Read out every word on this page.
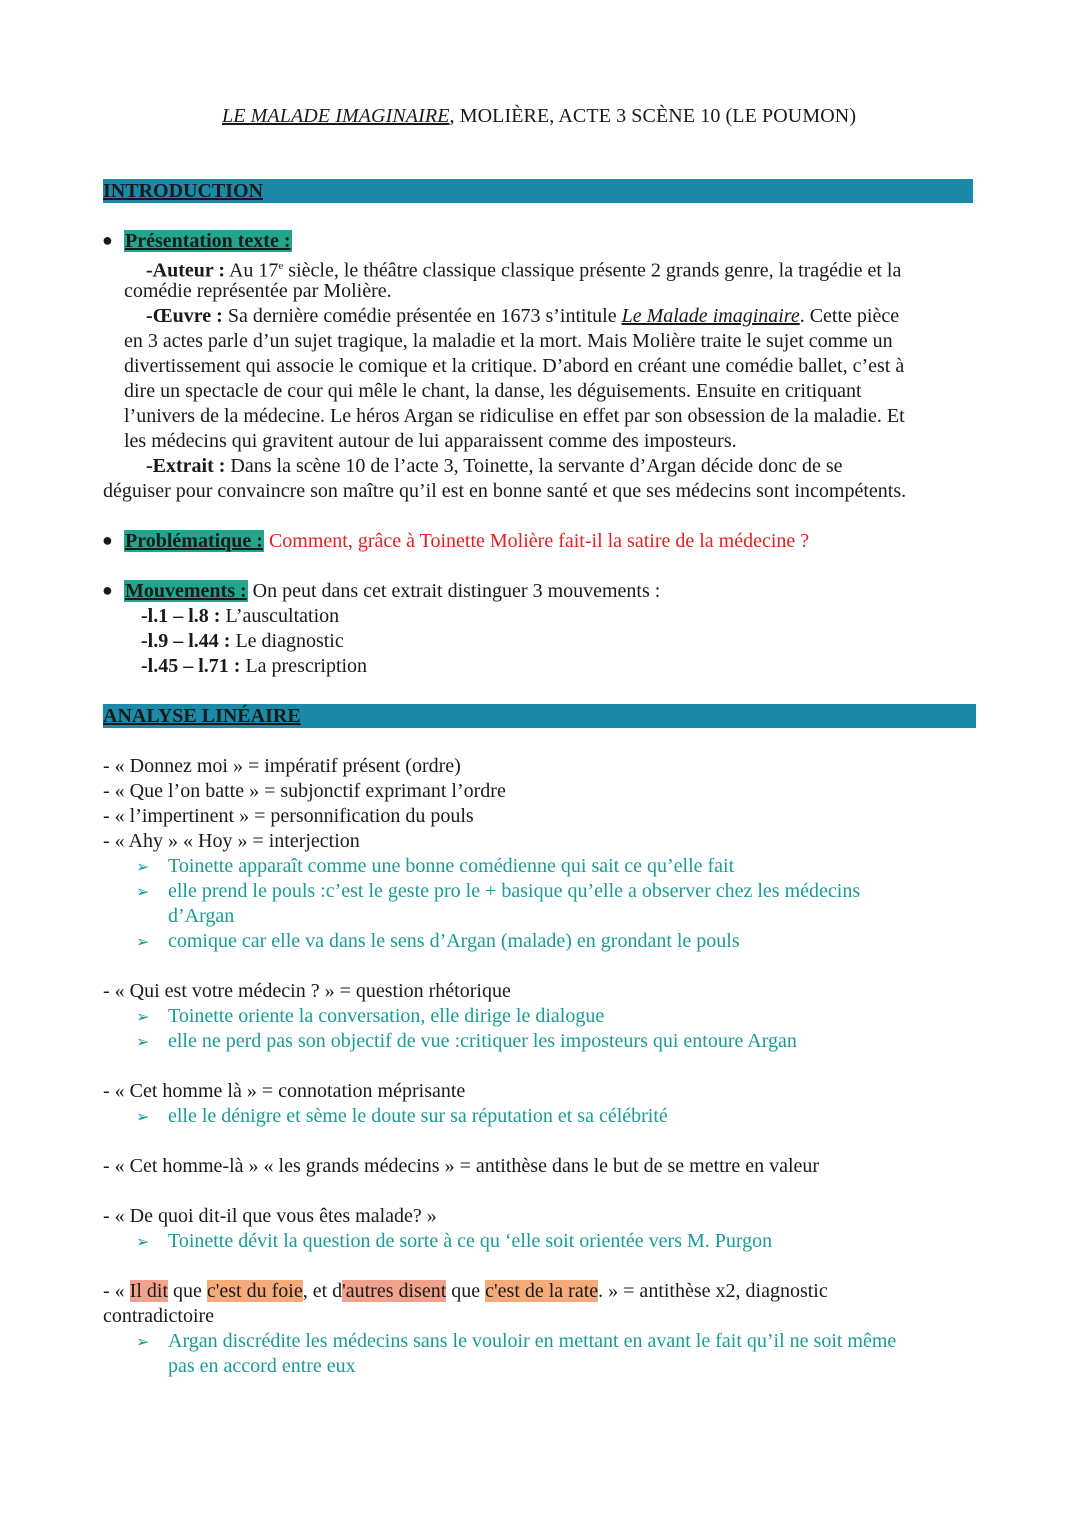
LE MALADE IMAGINAIRE, MOLIÈRE, ACTE 3 SCÈNE 10 (LE POUMON)
INTRODUCTION
● Présentation texte :
-Auteur : Au 17e siècle, le théâtre classique classique présente 2 grands genre, la tragédie et la
comédie représentée par Molière.
-Œuvre : Sa dernière comédie présentée en 1673 s’intitule Le Malade imaginaire. Cette pièce
en 3 actes parle d’un sujet tragique, la maladie et la mort. Mais Molière traite le sujet comme un
divertissement qui associe le comique et la critique. D’abord en créant une comédie ballet, c’est à
dire un spectacle de cour qui mêle le chant, la danse, les déguisements. Ensuite en critiquant
l’univers de la médecine. Le héros Argan se ridiculise en effet par son obsession de la maladie. Et
les médecins qui gravitent autour de lui apparaissent comme des imposteurs.
-Extrait : Dans la scène 10 de l’acte 3, Toinette, la servante d’Argan décide donc de se
déguiser pour convaincre son maître qu’il est en bonne santé et que ses médecins sont incompétents.
● Problématique : Comment, grâce à Toinette Molière fait-il la satire de la médecine ?
● Mouvements : On peut dans cet extrait distinguer 3 mouvements :
-l.1 – l.8 : L’auscultation
-l.9 – l.44 : Le diagnostic
-l.45 – l.71 : La prescription
ANALYSE LINÉAIRE
- « Donnez moi » = impératif présent (ordre)
- « Que l’on batte » = subjonctif exprimant l’ordre
- « l’impertinent » = personnification du pouls
- « Ahy » « Hoy » = interjection
➢ Toinette apparaît comme une bonne comédienne qui sait ce qu’elle fait
➢ elle prend le pouls :c’est le geste pro le + basique qu’elle a observer chez les médecins
d’Argan
➢ comique car elle va dans le sens d’Argan (malade) en grondant le pouls
- « Qui est votre médecin ? » = question rhétorique
➢ Toinette oriente la conversation, elle dirige le dialogue
➢ elle ne perd pas son objectif de vue :critiquer les imposteurs qui entoure Argan
- « Cet homme là » = connotation méprisante
➢ elle le dénigre et sème le doute sur sa réputation et sa célébrité
- « Cet homme-là » « les grands médecins » = antithèse dans le but de se mettre en valeur
- « De quoi dit-il que vous êtes malade? »
➢ Toinette dévit la question de sorte à ce qu ‘elle soit orientée vers M. Purgon
- « Il dit que c'est du foie, et d'autres disent que c'est de la rate. » = antithèse x2, diagnostic
contradictoire
➢ Argan discrédite les médecins sans le vouloir en mettant en avant le fait qu’il ne soit même
pas en accord entre eux
